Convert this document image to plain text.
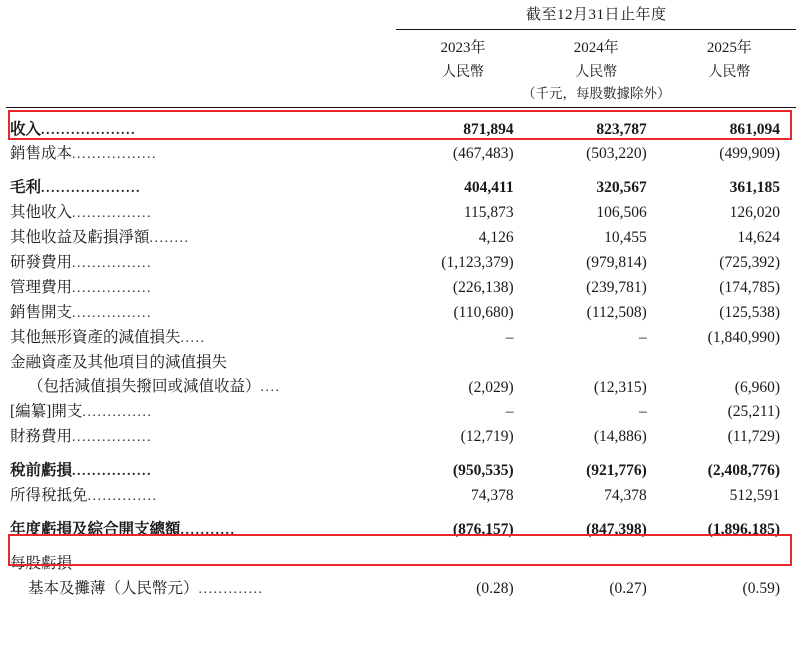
	截至12月31日止年度		
	2023年	2024年	2025年
	人民幣	人民幣	人民幣
	（千元，每股數據除外）		

收入...................	871,894	823,787	861,094
銷售成本.................	(467,483)	(503,220)	(499,909)

毛利....................	404,411	320,567	361,185
其他收入................	115,873	106,506	126,020
其他收益及虧損淨額........	4,126	10,455	14,624
研發費用................	(1,123,379)	(979,814)	(725,392)
管理費用................	(226,138)	(239,781)	(174,785)
銷售開支................	(110,680)	(112,508)	(125,538)
其他無形資產的減值損失.....	–	–	(1,840,990)
金融資產及其他項目的減值損失			
（包括減值損失撥回或減值收益）....	(2,029)	(12,315)	(6,960)
[編纂]開支..............	–	–	(25,211)
財務費用................	(12,719)	(14,886)	(11,729)

稅前虧損................	(950,535)	(921,776)	(2,408,776)
所得稅抵免..............	74,378	74,378	512,591

年度虧損及綜合開支總額...........	(876,157)	(847,398)	(1,896,185)

每股虧損			
基本及攤薄（人民幣元）.............	(0.28)	(0.27)	(0.59)
